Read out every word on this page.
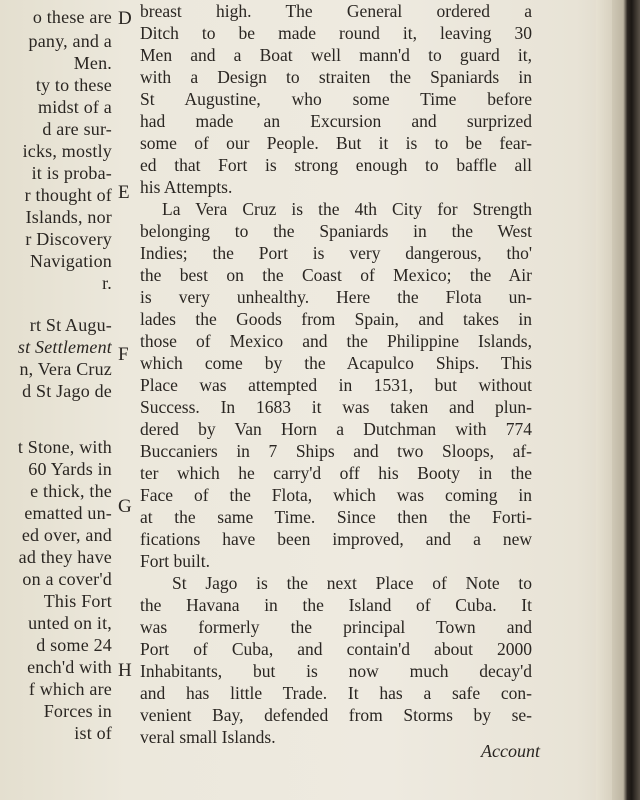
o these are
pany, and a
Men.
ty to these
midst of a
d are sur-
icks, mostly
it is proba-
r thought of
Islands, nor
r Discovery
Navigation
r.
rt St Augu-
st Settlement
n, Vera Cruz
d St Jago de
t Stone, with
60 Yards in
e thick, the
ematted un-
ed over, and
ad they have
on a cover'd
This Fort
unted on it,
d some 24
ench'd with
f which are
Forces in
ist of
D
E
F
G
H
breast high. The General ordered a
Ditch to be made round it, leaving 30
Men and a Boat well mann'd to guard it,
with a Design to straiten the Spaniards in
St Augustine, who some Time before
had made an Excursion and surprized
some of our People. But it is to be fear-
ed that Fort is strong enough to baffle all
his Attempts.
La Vera Cruz is the 4th City for Strength
belonging to the Spaniards in the West
Indies; the Port is very dangerous, tho'
the best on the Coast of Mexico; the Air
is very unhealthy. Here the Flota un-
lades the Goods from Spain, and takes in
those of Mexico and the Philippine Islands,
which come by the Acapulco Ships. This
Place was attempted in 1531, but without
Success. In 1683 it was taken and plun-
dered by Van Horn a Dutchman with 774
Buccaniers in 7 Ships and two Sloops, af-
ter which he carry'd off his Booty in the
Face of the Flota, which was coming in
at the same Time. Since then the Forti-
fications have been improved, and a new
Fort built.
St Jago is the next Place of Note to
the Havana in the Island of Cuba. It
was formerly the principal Town and
Port of Cuba, and contain'd about 2000
Inhabitants, but is now much decay'd
and has little Trade. It has a safe con-
venient Bay, defended from Storms by se-
veral small Islands.
Account
